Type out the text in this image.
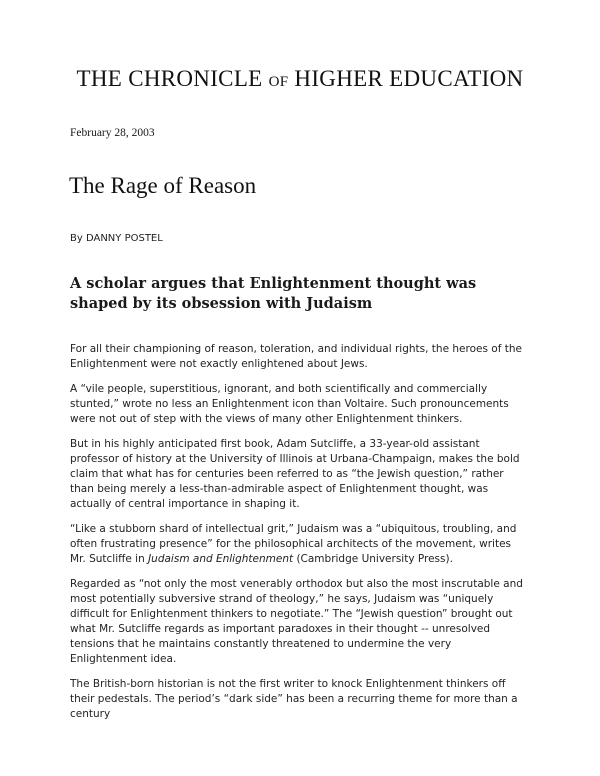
THE CHRONICLE OF HIGHER EDUCATION
February 28, 2003
The Rage of Reason
By DANNY POSTEL
A scholar argues that Enlightenment thought was shaped by its obsession with Judaism

For all their championing of reason, toleration, and individual rights, the heroes of the Enlightenment were not exactly enlightened about Jews.

A “vile people, superstitious, ignorant, and both scientifically and commercially stunted,” wrote no less an Enlightenment icon than Voltaire. Such pronouncements were not out of step with the views of many other Enlightenment thinkers.

But in his highly anticipated first book, Adam Sutcliffe, a 33-year-old assistant professor of history at the University of Illinois at Urbana-Champaign, makes the bold claim that what has for centuries been referred to as “the Jewish question,” rather than being merely a less-than-admirable aspect of Enlightenment thought, was actually of central importance in shaping it.

“Like a stubborn shard of intellectual grit,” Judaism was a “ubiquitous, troubling, and often frustrating presence” for the philosophical architects of the movement, writes Mr. Sutcliffe in Judaism and Enlightenment (Cambridge University Press).

Regarded as “not only the most venerably orthodox but also the most inscrutable and most potentially subversive strand of theology,” he says, Judaism was “uniquely difficult for Enlightenment thinkers to negotiate.” The “Jewish question” brought out what Mr. Sutcliffe regards as important paradoxes in their thought -- unresolved tensions that he maintains constantly threatened to undermine the very Enlightenment idea.

The British-born historian is not the first writer to knock Enlightenment thinkers off their pedestals. The period’s “dark side” has been a recurring theme for more than a century
